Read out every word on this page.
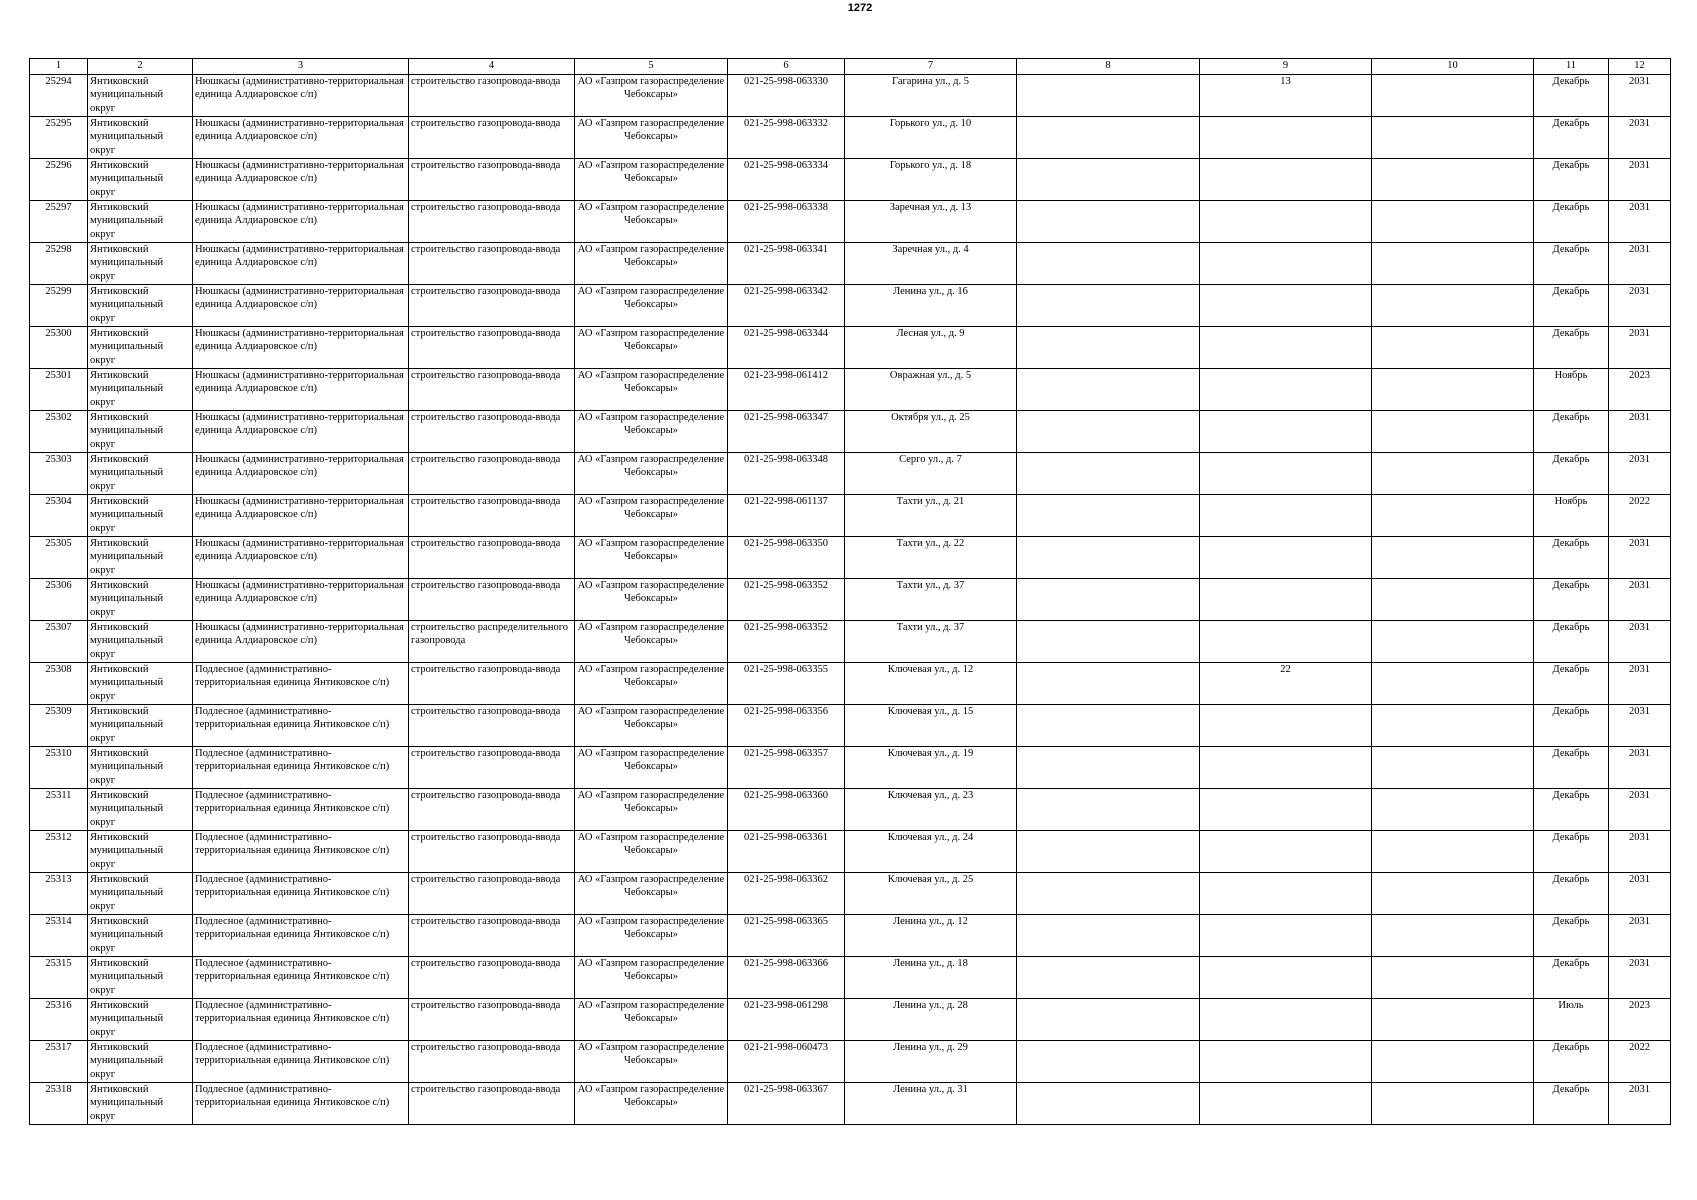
1272
1	2	3	4	5	6	7	8	9	10	11	12
25294	Янтиковский муниципальный округ	Нюшкасы (административно-территориальная единица Алдиаровское с/п)	строительство газопровода-ввода	АО «Газпром газораспределение Чебоксары»	021-25-998-063330	Гагарина ул., д. 5		13		Декабрь	2031
25295	Янтиковский муниципальный округ	Нюшкасы (административно-территориальная единица Алдиаровское с/п)	строительство газопровода-ввода	АО «Газпром газораспределение Чебоксары»	021-25-998-063332	Горького ул., д. 10				Декабрь	2031
25296	Янтиковский муниципальный округ	Нюшкасы (административно-территориальная единица Алдиаровское с/п)	строительство газопровода-ввода	АО «Газпром газораспределение Чебоксары»	021-25-998-063334	Горького ул., д. 18				Декабрь	2031
25297	Янтиковский муниципальный округ	Нюшкасы (административно-территориальная единица Алдиаровское с/п)	строительство газопровода-ввода	АО «Газпром газораспределение Чебоксары»	021-25-998-063338	Заречная ул., д. 13				Декабрь	2031
25298	Янтиковский муниципальный округ	Нюшкасы (административно-территориальная единица Алдиаровское с/п)	строительство газопровода-ввода	АО «Газпром газораспределение Чебоксары»	021-25-998-063341	Заречная ул., д. 4				Декабрь	2031
25299	Янтиковский муниципальный округ	Нюшкасы (административно-территориальная единица Алдиаровское с/п)	строительство газопровода-ввода	АО «Газпром газораспределение Чебоксары»	021-25-998-063342	Ленина ул., д. 16				Декабрь	2031
25300	Янтиковский муниципальный округ	Нюшкасы (административно-территориальная единица Алдиаровское с/п)	строительство газопровода-ввода	АО «Газпром газораспределение Чебоксары»	021-25-998-063344	Лесная ул., д. 9				Декабрь	2031
25301	Янтиковский муниципальный округ	Нюшкасы (административно-территориальная единица Алдиаровское с/п)	строительство газопровода-ввода	АО «Газпром газораспределение Чебоксары»	021-23-998-061412	Овражная ул., д. 5				Ноябрь	2023
25302	Янтиковский муниципальный округ	Нюшкасы (административно-территориальная единица Алдиаровское с/п)	строительство газопровода-ввода	АО «Газпром газораспределение Чебоксары»	021-25-998-063347	Октября ул., д. 25				Декабрь	2031
25303	Янтиковский муниципальный округ	Нюшкасы (административно-территориальная единица Алдиаровское с/п)	строительство газопровода-ввода	АО «Газпром газораспределение Чебоксары»	021-25-998-063348	Серго ул., д. 7				Декабрь	2031
25304	Янтиковский муниципальный округ	Нюшкасы (административно-территориальная единица Алдиаровское с/п)	строительство газопровода-ввода	АО «Газпром газораспределение Чебоксары»	021-22-998-061137	Тахти ул., д. 21				Ноябрь	2022
25305	Янтиковский муниципальный округ	Нюшкасы (административно-территориальная единица Алдиаровское с/п)	строительство газопровода-ввода	АО «Газпром газораспределение Чебоксары»	021-25-998-063350	Тахти ул., д. 22				Декабрь	2031
25306	Янтиковский муниципальный округ	Нюшкасы (административно-территориальная единица Алдиаровское с/п)	строительство газопровода-ввода	АО «Газпром газораспределение Чебоксары»	021-25-998-063352	Тахти ул., д. 37				Декабрь	2031
25307	Янтиковский муниципальный округ	Нюшкасы (административно-территориальная единица Алдиаровское с/п)	строительство распределительного газопровода	АО «Газпром газораспределение Чебоксары»	021-25-998-063352	Тахти ул., д. 37				Декабрь	2031
25308	Янтиковский муниципальный округ	Подлесное (административно-территориальная единица Янтиковское с/п)	строительство газопровода-ввода	АО «Газпром газораспределение Чебоксары»	021-25-998-063355	Ключевая ул., д. 12		22		Декабрь	2031
25309	Янтиковский муниципальный округ	Подлесное (административно-территориальная единица Янтиковское с/п)	строительство газопровода-ввода	АО «Газпром газораспределение Чебоксары»	021-25-998-063356	Ключевая ул., д. 15				Декабрь	2031
25310	Янтиковский муниципальный округ	Подлесное (административно-территориальная единица Янтиковское с/п)	строительство газопровода-ввода	АО «Газпром газораспределение Чебоксары»	021-25-998-063357	Ключевая ул., д. 19				Декабрь	2031
25311	Янтиковский муниципальный округ	Подлесное (административно-территориальная единица Янтиковское с/п)	строительство газопровода-ввода	АО «Газпром газораспределение Чебоксары»	021-25-998-063360	Ключевая ул., д. 23				Декабрь	2031
25312	Янтиковский муниципальный округ	Подлесное (административно-территориальная единица Янтиковское с/п)	строительство газопровода-ввода	АО «Газпром газораспределение Чебоксары»	021-25-998-063361	Ключевая ул., д. 24				Декабрь	2031
25313	Янтиковский муниципальный округ	Подлесное (административно-территориальная единица Янтиковское с/п)	строительство газопровода-ввода	АО «Газпром газораспределение Чебоксары»	021-25-998-063362	Ключевая ул., д. 25				Декабрь	2031
25314	Янтиковский муниципальный округ	Подлесное (административно-территориальная единица Янтиковское с/п)	строительство газопровода-ввода	АО «Газпром газораспределение Чебоксары»	021-25-998-063365	Ленина ул., д. 12				Декабрь	2031
25315	Янтиковский муниципальный округ	Подлесное (административно-территориальная единица Янтиковское с/п)	строительство газопровода-ввода	АО «Газпром газораспределение Чебоксары»	021-25-998-063366	Ленина ул., д. 18				Декабрь	2031
25316	Янтиковский муниципальный округ	Подлесное (административно-территориальная единица Янтиковское с/п)	строительство газопровода-ввода	АО «Газпром газораспределение Чебоксары»	021-23-998-061298	Ленина ул., д. 28				Июль	2023
25317	Янтиковский муниципальный округ	Подлесное (административно-территориальная единица Янтиковское с/п)	строительство газопровода-ввода	АО «Газпром газораспределение Чебоксары»	021-21-998-060473	Ленина ул., д. 29				Декабрь	2022
25318	Янтиковский муниципальный округ	Подлесное (административно-территориальная единица Янтиковское с/п)	строительство газопровода-ввода	АО «Газпром газораспределение Чебоксары»	021-25-998-063367	Ленина ул., д. 31				Декабрь	2031
